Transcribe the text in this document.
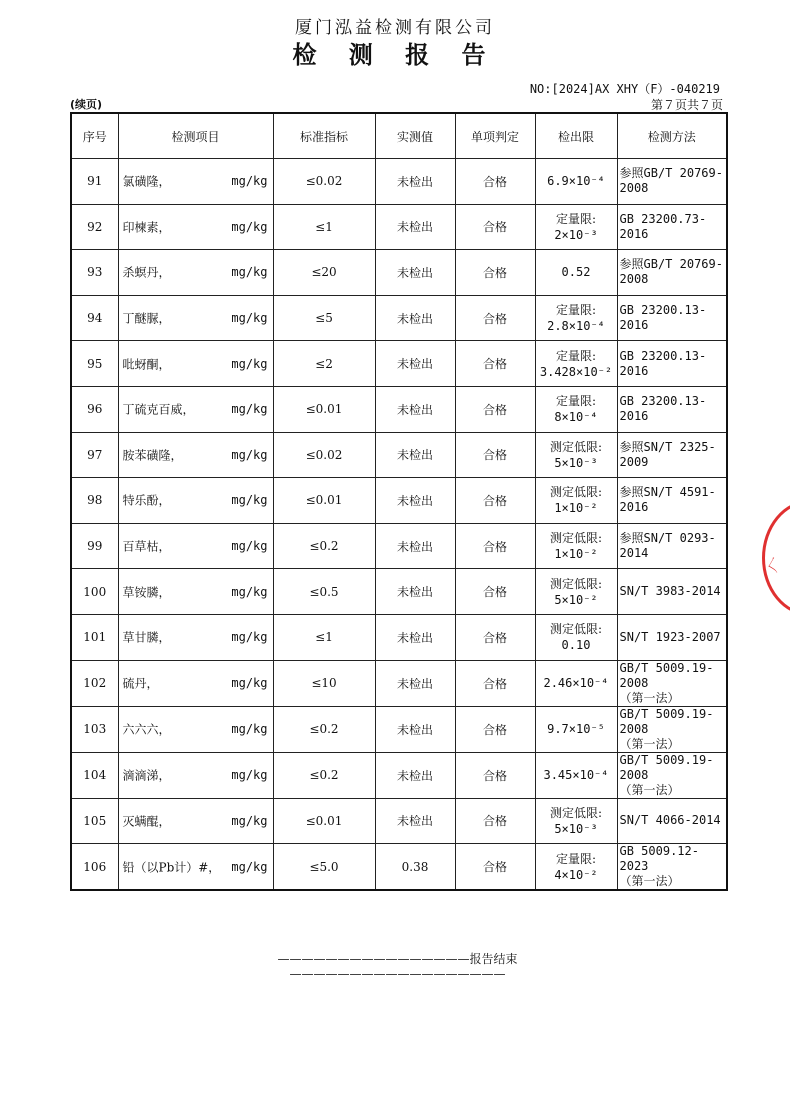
厦门泓益检测有限公司
检 测 报 告
NO:[2024]AX XHY（F）-040219
(续页)	第７页共７页
序号	检测项目	标准指标	实测值	单项判定	检出限	检测方法
91	氯磺隆， mg/kg	≤0.02	未检出	合格	6.9×10⁻⁴	参照GB/T 20769-
2008

92	印楝素， mg/kg	≤1	未检出	合格	定量限:
2×10⁻³	GB 23200.73-2016

93	杀螟丹， mg/kg	≤20	未检出	合格	0.52	参照GB/T 20769-
2008

94	丁醚脲， mg/kg	≤5	未检出	合格	定量限:
2.8×10⁻⁴	GB 23200.13-2016

95	吡蚜酮， mg/kg	≤2	未检出	合格	定量限:
3.428×10⁻²	GB 23200.13-2016

96	丁硫克百威， mg/kg	≤0.01	未检出	合格	定量限:
8×10⁻⁴	GB 23200.13-2016

97	胺苯磺隆， mg/kg	≤0.02	未检出	合格	测定低限:
5×10⁻³	参照SN/T 2325-
2009

98	特乐酚， mg/kg	≤0.01	未检出	合格	测定低限:
1×10⁻²	参照SN/T 4591-
2016

99	百草枯， mg/kg	≤0.2	未检出	合格	测定低限:
1×10⁻²	参照SN/T 0293-
2014

100	草铵膦， mg/kg	≤0.5	未检出	合格	测定低限:
5×10⁻²	SN/T 3983-2014

101	草甘膦， mg/kg	≤1	未检出	合格	测定低限:
0.10	SN/T 1923-2007

102	硫丹， mg/kg	≤10	未检出	合格	2.46×10⁻⁴	GB/T 5009.19-2008
（第一法）

103	六六六， mg/kg	≤0.2	未检出	合格	9.7×10⁻⁵	GB/T 5009.19-2008
（第一法）

104	滴滴涕， mg/kg	≤0.2	未检出	合格	3.45×10⁻⁴	GB/T 5009.19-2008
（第一法）

105	灭螨醌， mg/kg	≤0.01	未检出	合格	测定低限:
5×10⁻³	SN/T 4066-2014

106	铅（以Pb计）#， mg/kg	≤5.0	0.38	合格	定量限:
4×10⁻²	GB 5009.12-2023
（第一法）
————————————————报告结束——————————————————
厂
